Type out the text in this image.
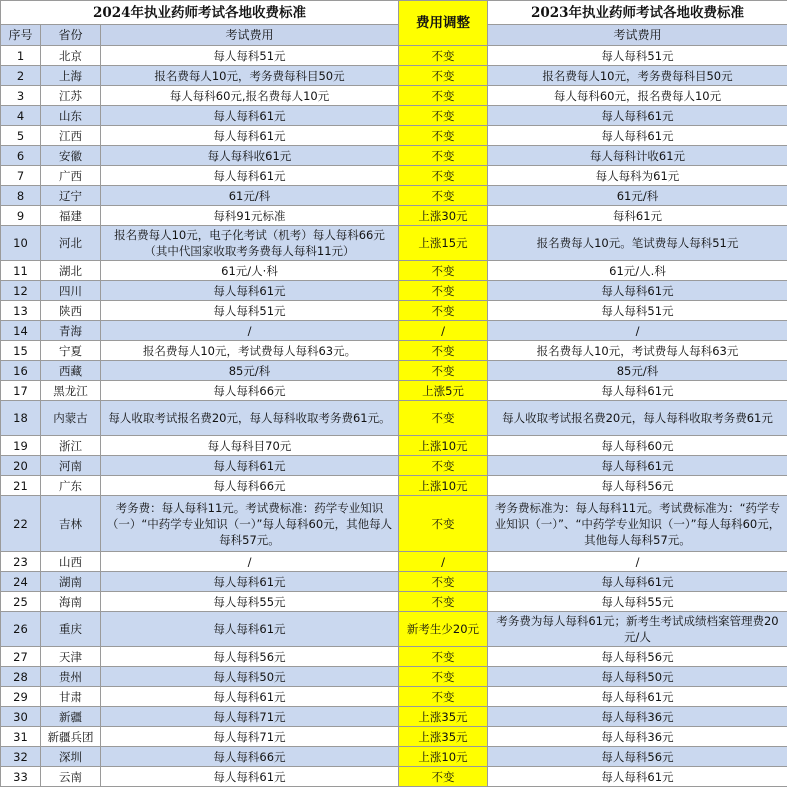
2024年执业药师考试各地收费标准			费用调整	2023年执业药师考试各地收费标准
序号	省份	考试费用		考试费用
1	北京	每人每科51元	不变	每人每科51元
2	上海	报名费每人10元，考务费每科目50元	不变	报名费每人10元，考务费每科目50元
3	江苏	每人每科60元,报名费每人10元	不变	每人每科60元，报名费每人10元
4	山东	每人每科61元	不变	每人每科61元
5	江西	每人每科61元	不变	每人每科61元
6	安徽	每人每科收61元	不变	每人每科计收61元
7	广西	每人每科61元	不变	每人每科为61元
8	辽宁	61元/科	不变	61元/科
9	福建	每科91元标准	上涨30元	每科61元
10	河北	报名费每人10元，电子化考试（机考）每人每科66元（其中代国家收取考务费每人每科11元）	上涨15元	报名费每人10元。笔试费每人每科51元
11	湖北	61元/人·科	不变	61元/人.科
12	四川	每人每科61元	不变	每人每科61元
13	陕西	每人每科51元	不变	每人每科51元
14	青海	/	/	/
15	宁夏	报名费每人10元，考试费每人每科63元。	不变	报名费每人10元，考试费每人每科63元
16	西藏	85元/科	不变	85元/科
17	黑龙江	每人每科66元	上涨5元	每人每科61元
18	内蒙古	每人收取考试报名费20元，每人每科收取考务费61元。	不变	每人收取考试报名费20元，每人每科收取考务费61元
19	浙江	每人每科目70元	上涨10元	每人每科60元
20	河南	每人每科61元	不变	每人每科61元
21	广东	每人每科66元	上涨10元	每人每科56元
22	吉林	考务费：每人每科11元。考试费标准：药学专业知识（一）“中药学专业知识（一）”每人每科60元，其他每人每科57元。	不变	考务费标准为：每人每科11元。考试费标准为：“药学专业知识（一）”、“中药学专业知识（一）”每人每科60元，其他每人每科57元。
23	山西	/	/	/
24	湖南	每人每科61元	不变	每人每科61元
25	海南	每人每科55元	不变	每人每科55元
26	重庆	每人每科61元	新考生少20元	考务费为每人每科61元；新考生考试成绩档案管理费20元/人
27	天津	每人每科56元	不变	每人每科56元
28	贵州	每人每科50元	不变	每人每科50元
29	甘肃	每人每科61元	不变	每人每科61元
30	新疆	每人每科71元	上涨35元	每人每科36元
31	新疆兵团	每人每科71元	上涨35元	每人每科36元
32	深圳	每人每科66元	上涨10元	每人每科56元
33	云南	每人每科61元	不变	每人每科61元
